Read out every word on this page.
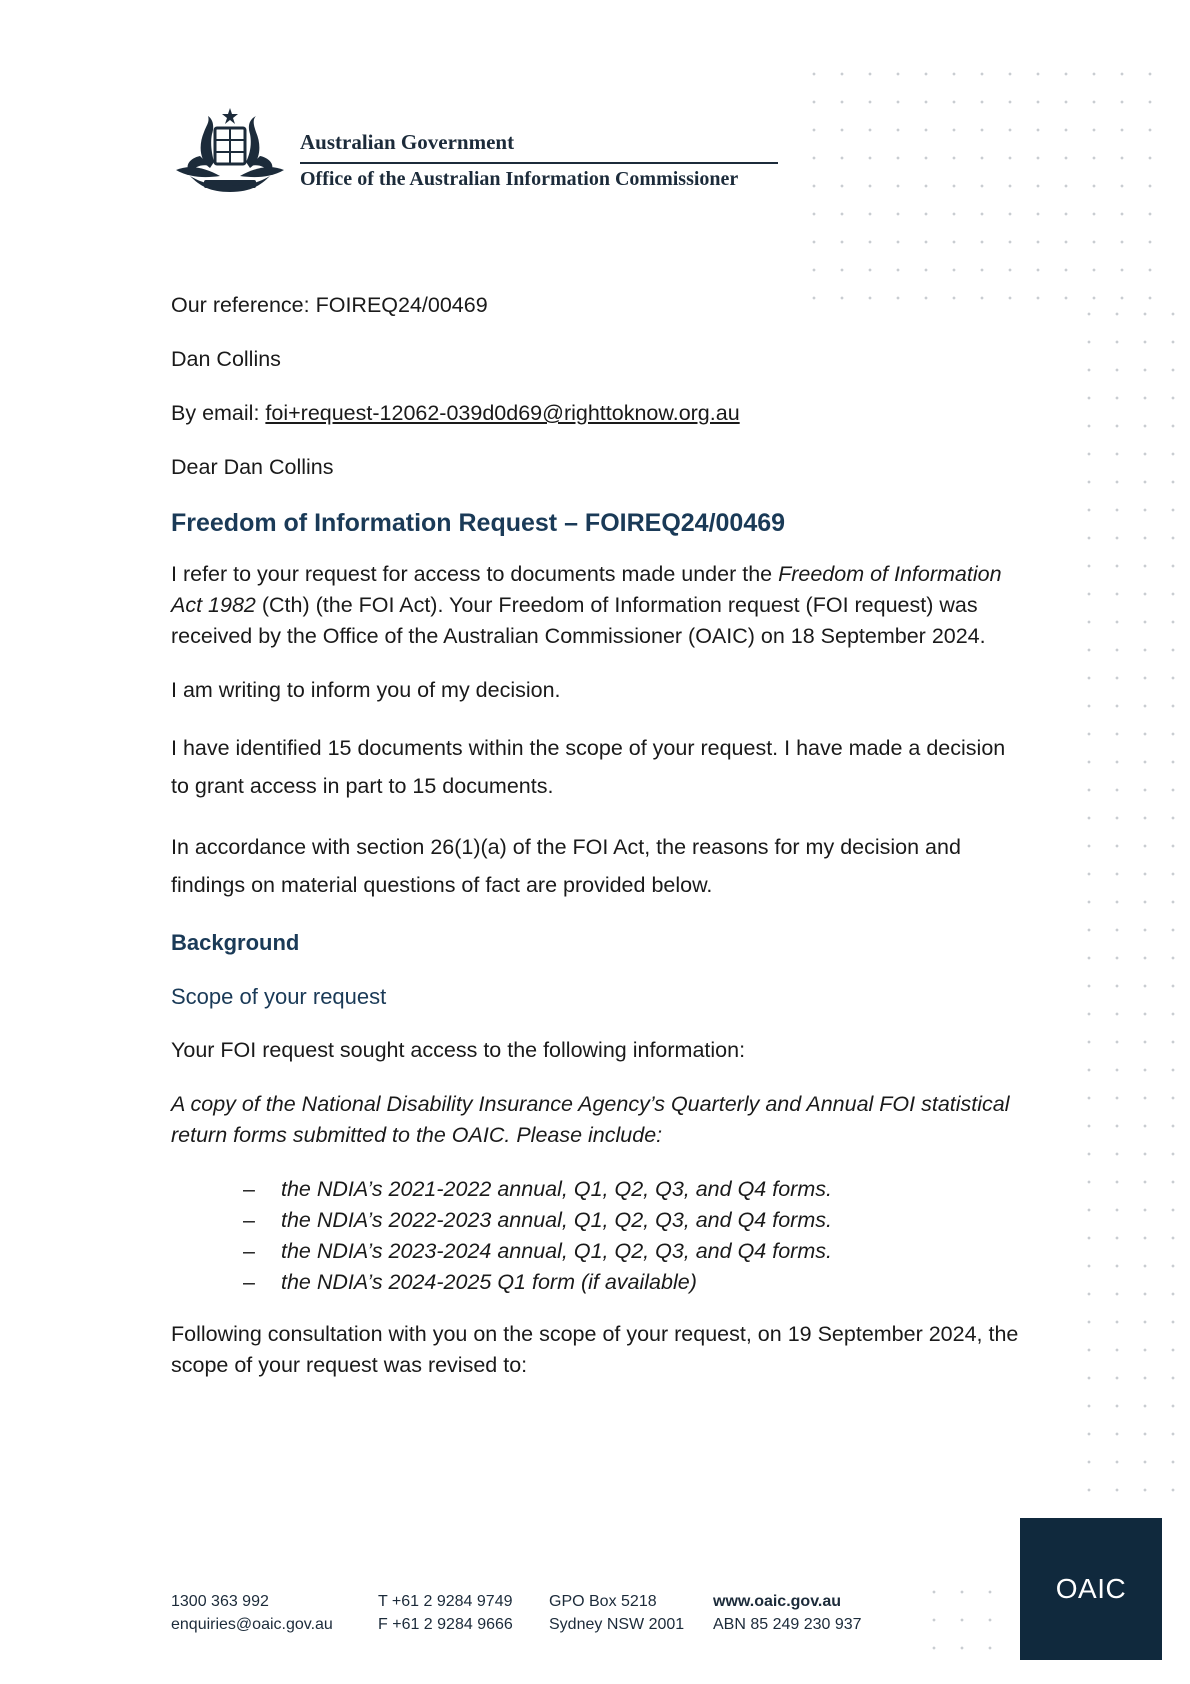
Australian Government
Office of the Australian Information Commissioner

Our reference: FOIREQ24/00469

Dan Collins

By email: foi+request-12062-039d0d69@righttoknow.org.au

Dear Dan Collins

Freedom of Information Request – FOIREQ24/00469

I refer to your request for access to documents made under the Freedom of Information Act 1982 (Cth) (the FOI Act). Your Freedom of Information request (FOI request) was received by the Office of the Australian Commissioner (OAIC) on 18 September 2024.

I am writing to inform you of my decision.

I have identified 15 documents within the scope of your request. I have made a decision to grant access in part to 15 documents.

In accordance with section 26(1)(a) of the FOI Act, the reasons for my decision and findings on material questions of fact are provided below.

Background
Scope of your request

Your FOI request sought access to the following information:

A copy of the National Disability Insurance Agency’s Quarterly and Annual FOI statistical return forms submitted to the OAIC. Please include:

– the NDIA’s 2021-2022 annual, Q1, Q2, Q3, and Q4 forms.
– the NDIA’s 2022-2023 annual, Q1, Q2, Q3, and Q4 forms.
– the NDIA’s 2023-2024 annual, Q1, Q2, Q3, and Q4 forms.
– the NDIA’s 2024-2025 Q1 form (if available)

Following consultation with you on the scope of your request, on 19 September 2024, the scope of your request was revised to:

1300 363 992
enquiries@oaic.gov.au
T +61 2 9284 9749
F +61 2 9284 9666
GPO Box 5218
Sydney NSW 2001
www.oaic.gov.au
ABN 85 249 230 937
OAIC
